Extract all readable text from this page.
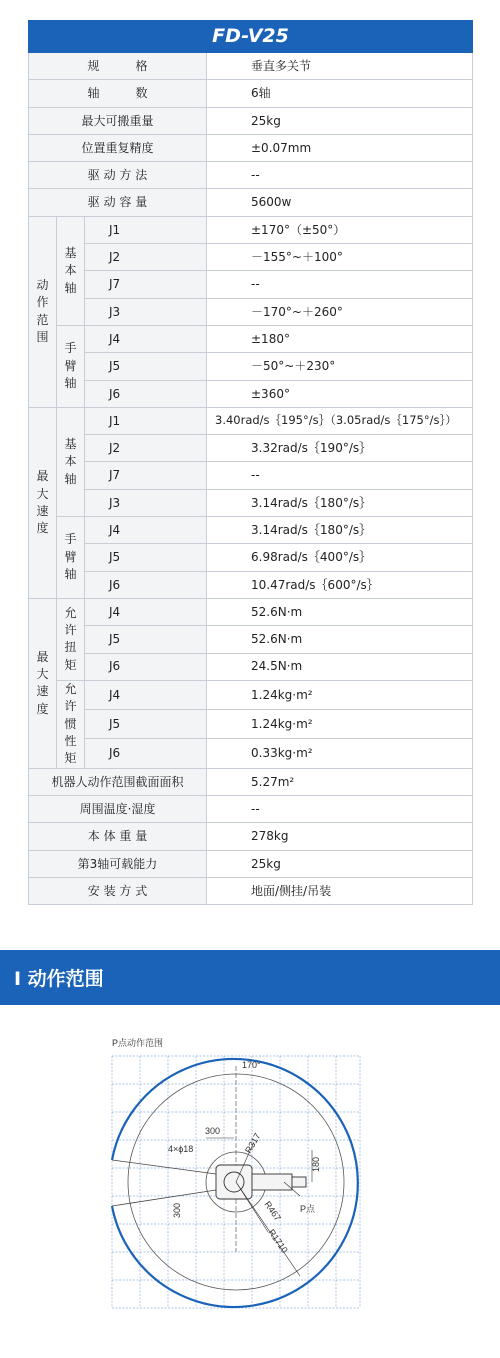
FD-V25			
规　　　格			垂直多关节
轴　　　数			6轴
最大可搬重量			25kg
位置重复精度			±0.07mm
驱 动 方 法			--
驱 动 容 量			5600w
动作范围	基本轴	J1	±170°（±50°）
		J2	－155°~＋100°
		J7	--
		J3	－170°~＋260°
	手臂轴	J4	±180°
		J5	－50°~＋230°
		J6	±360°
最大速度	基本轴	J1	3.40rad/s｛195°/s｝（3.05rad/s｛175°/s｝）
		J2	3.32rad/s｛190°/s｝
		J7	--
		J3	3.14rad/s｛180°/s｝
	手臂轴	J4	3.14rad/s｛180°/s｝
		J5	6.98rad/s｛400°/s｝
		J6	10.47rad/s｛600°/s｝
最大速度	允许扭矩	J4	52.6N·m
		J5	52.6N·m
		J6	24.5N·m
	允许惯性矩	J4	1.24kg·m²
		J5	1.24kg·m²
		J6	0.33kg·m²
机器人动作范围截面面积			5.27m²
周围温度·湿度			--
本 体 重 量			278kg
第3轴可载能力			25kg
安 装 方 式			地面/侧挂/吊装
I 动作范围
P点动作范围
170°
300
4×ϕ18	R317
180
300	R467
R1710
P点
